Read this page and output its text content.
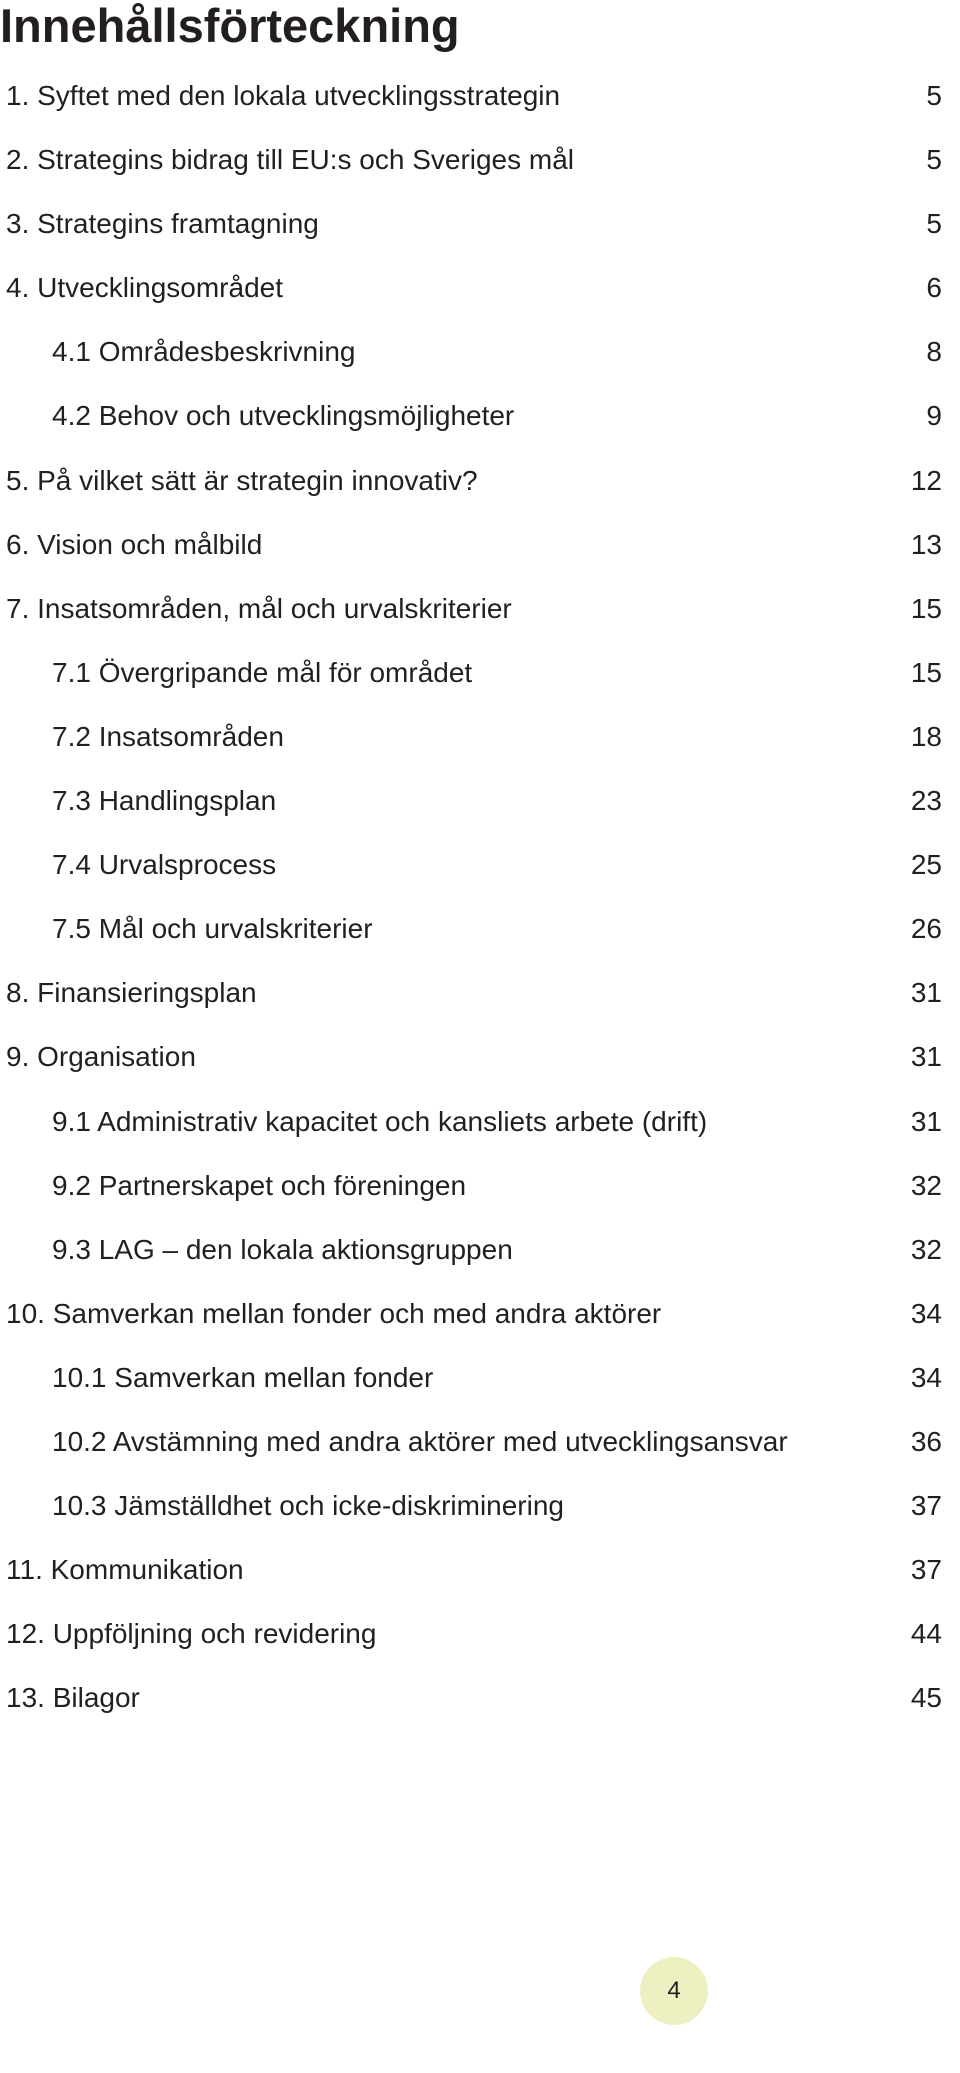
Innehållsförteckning
1. Syftet med den lokala utvecklingsstrategin	5
2. Strategins bidrag till EU:s och Sveriges mål	5
3. Strategins framtagning	5
4. Utvecklingsområdet	6
4.1 Områdesbeskrivning	8
4.2 Behov och utvecklingsmöjligheter	9
5. På vilket sätt är strategin innovativ?	12
6. Vision och målbild	13
7. Insatsområden, mål och urvalskriterier	15
7.1 Övergripande mål för området	15
7.2 Insatsområden	18
7.3 Handlingsplan	23
7.4 Urvalsprocess	25
7.5 Mål och urvalskriterier	26
8. Finansieringsplan	31
9. Organisation	31
9.1 Administrativ kapacitet och kansliets arbete (drift)	31
9.2 Partnerskapet och föreningen	32
9.3 LAG – den lokala aktionsgruppen	32
10. Samverkan mellan fonder och med andra aktörer	34
10.1 Samverkan mellan fonder	34
10.2 Avstämning med andra aktörer med utvecklingsansvar	36
10.3 Jämställdhet och icke-diskriminering	37
11. Kommunikation	37
12. Uppföljning och revidering	44
13. Bilagor	45
4
